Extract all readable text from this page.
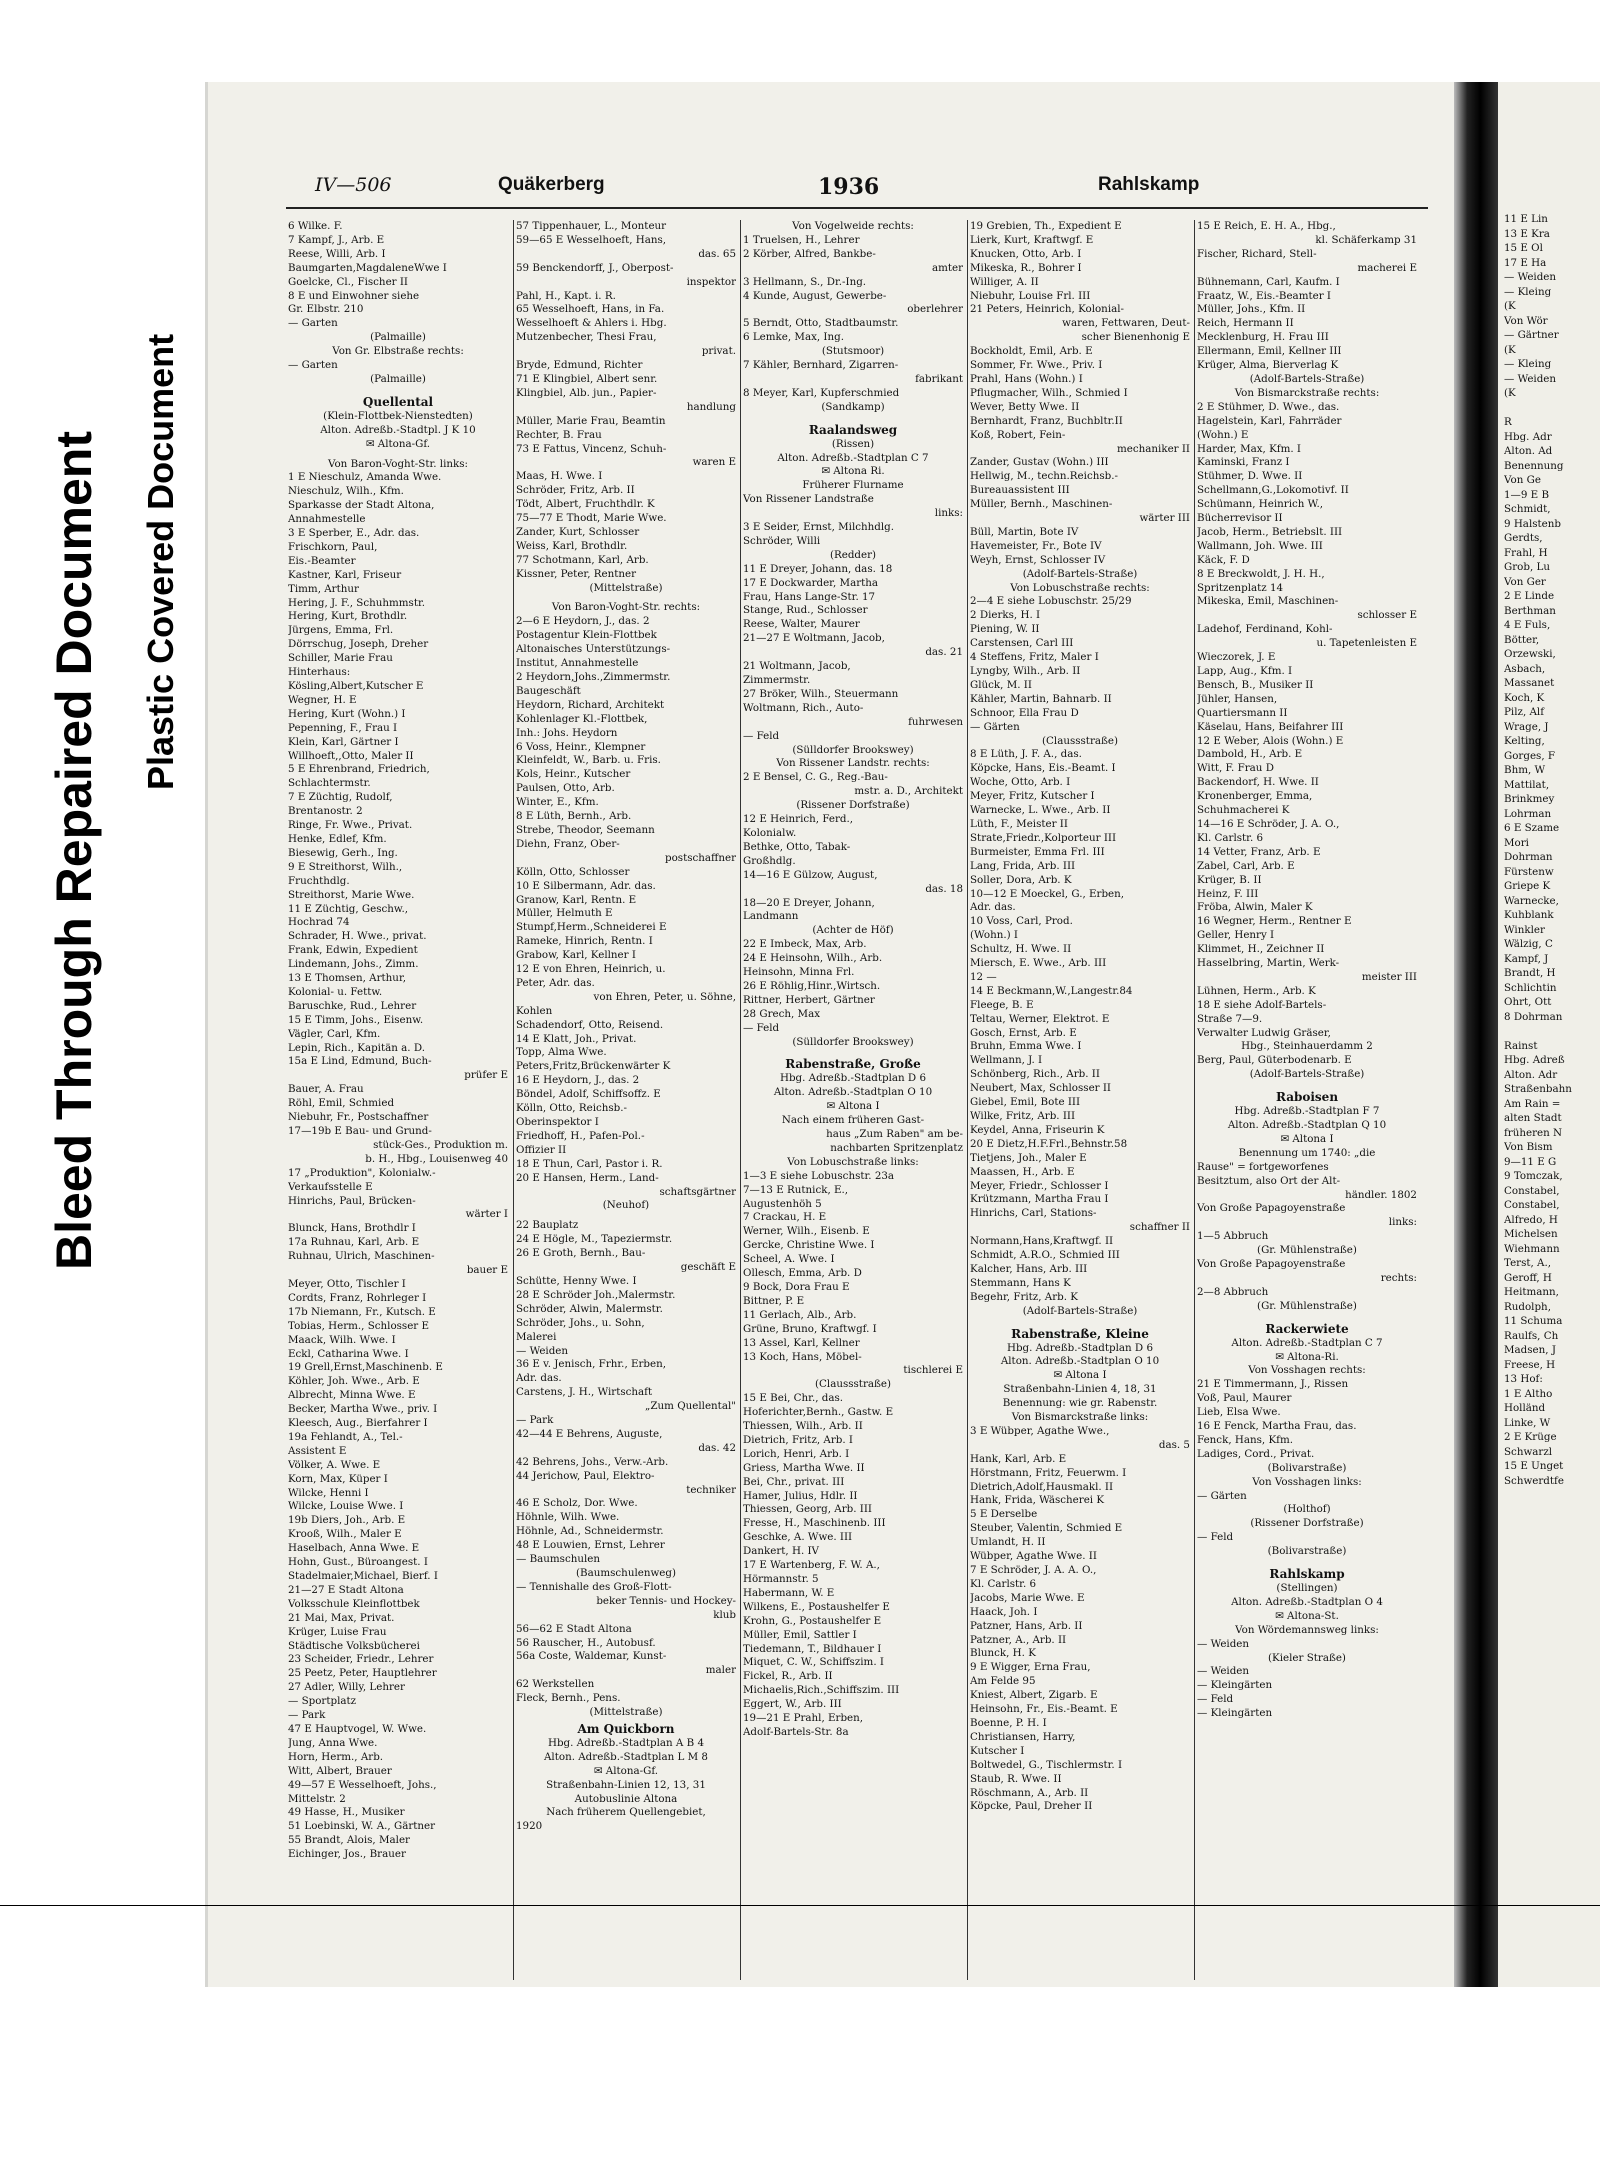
Bleed Through Repaired Document Plastic Covered Document
IV—506	Quäkerberg	1936	Rahlskamp
6 Wilke. F.
7 Kampf, J., Arb. E
Reese, Willi, Arb. I
Baumgarten,MagdaleneWwe I
Goelcke, Cl., Fischer II
8 E und Einwohner siehe
Gr. Elbstr. 210
— Garten
(Palmaille)
Von Gr. Elbstraße rechts:
— Garten
(Palmaille)
Quellental
(Klein-Flottbek-Nienstedten)
Alton. Adreßb.-Stadtpl. J K 10
✉ Altona-Gf.
Von Baron-Voght-Str. links:
1 E Nieschulz, Amanda Wwe.
Nieschulz, Wilh., Kfm.
Sparkasse der Stadt Altona,
Annahmestelle
3 E Sperber, E., Adr. das.
Frischkorn, Paul,
Eis.-Beamter
Kastner, Karl, Friseur
Timm, Arthur
Hering, J. F., Schuhmmstr.
Hering, Kurt, Brothdlr.
Jürgens, Emma, Frl.
Dörrschug, Joseph, Dreher
Schiller, Marie Frau
Hinterhaus:
Kösling,Albert,Kutscher E
Wegner, H. E
Hering, Kurt (Wohn.) I
Pepenning, F., Frau I
Klein, Karl, Gärtner I
Willhoeft,,Otto, Maler II
5 E Ehrenbrand, Friedrich,
Schlachtermstr.
7 E Züchtig, Rudolf,
Brentanostr. 2
Ringe, Fr. Wwe., Privat.
Henke, Edlef, Kfm.
Biesewig, Gerh., Ing.
9 E Streithorst, Wilh.,
Fruchthdlg.
Streithorst, Marie Wwe.
11 E Züchtig, Geschw.,
Hochrad 74
Schrader, H. Wwe., privat.
Frank, Edwin, Expedient
Lindemann, Johs., Zimm.
13 E Thomsen, Arthur,
Kolonial- u. Fettw.
Baruschke, Rud., Lehrer
15 E Timm, Johs., Eisenw.
Vägler, Carl, Kfm.
Lepin, Rich., Kapitän a. D.
15a E Lind, Edmund, Buch-
prüfer E
Bauer, A. Frau
Röhl, Emil, Schmied
Niebuhr, Fr., Postschaffner
17—19b E Bau- und Grund-
stück-Ges., Produktion m.
b. H., Hbg., Louisenweg 40
17 „Produktion", Kolonialw.-
Verkaufsstelle E
Hinrichs, Paul, Brücken-
wärter I
Blunck, Hans, Brothdlr I
17a Ruhnau, Karl, Arb. E
Ruhnau, Ulrich, Maschinen-
bauer E
Meyer, Otto, Tischler I
Cordts, Franz, Rohrleger I
17b Niemann, Fr., Kutsch. E
Tobias, Herm., Schlosser E
Maack, Wilh. Wwe. I
Eckl, Catharina Wwe. I
19 Grell,Ernst,Maschinenb. E
Köhler, Joh. Wwe., Arb. E
Albrecht, Minna Wwe. E
Becker, Martha Wwe., priv. I
Kleesch, Aug., Bierfahrer I
19a Fehlandt, A., Tel.-
Assistent E
Völker, A. Wwe. E
Korn, Max, Küper I
Wilcke, Henni I
Wilcke, Louise Wwe. I
19b Diers, Joh., Arb. E
Krooß, Wilh., Maler E
Haselbach, Anna Wwe. E
Hohn, Gust., Büroangest. I
Stadelmaier,Michael, Bierf. I
21—27 E Stadt Altona
Volksschule Kleinflottbek
21 Mai, Max, Privat.
Krüger, Luise Frau
Städtische Volksbücherei
23 Scheider, Friedr., Lehrer
25 Peetz, Peter, Hauptlehrer
27 Adler, Willy, Lehrer
— Sportplatz
— Park
47 E Hauptvogel, W. Wwe.
Jung, Anna Wwe.
Horn, Herm., Arb.
Witt, Albert, Brauer
49—57 E Wesselhoeft, Johs.,
Mittelstr. 2
49 Hasse, H., Musiker
51 Loebinski, W. A., Gärtner
55 Brandt, Alois, Maler
Eichinger, Jos., Brauer
57 Tippenhauer, L., Monteur
59—65 E Wesselhoeft, Hans,
das. 65
59 Benckendorff, J., Oberpost-
inspektor
Pahl, H., Kapt. i. R.
65 Wesselhoeft, Hans, in Fa.
Wesselhoeft & Ahlers i. Hbg.
Mutzenbecher, Thesi Frau,
privat.
Bryde, Edmund, Richter
71 E Klingbiel, Albert senr.
Klingbiel, Alb. jun., Papier-
handlung
Müller, Marie Frau, Beamtin
Rechter, B. Frau
73 E Fattus, Vincenz, Schuh-
waren E
Maas, H. Wwe. I
Schröder, Fritz, Arb. II
Tödt, Albert, Fruchthdlr. K
75—77 E Thodt, Marie Wwe.
Zander, Kurt, Schlosser
Weiss, Karl, Brothdlr.
77 Schotmann, Karl, Arb.
Kissner, Peter, Rentner
(Mittelstraße)
Von Baron-Voght-Str. rechts:
2—6 E Heydorn, J., das. 2
Postagentur Klein-Flottbek
Altonaisches Unterstützungs-
Institut, Annahmestelle
2 Heydorn,Johs.,Zimmermstr.
Baugeschäft
Heydorn, Richard, Architekt
Kohlenlager Kl.-Flottbek,
Inh.: Johs. Heydorn
6 Voss, Heinr., Klempner
Kleinfeldt, W., Barb. u. Fris.
Kols, Heinr., Kutscher
Paulsen, Otto, Arb.
Winter, E., Kfm.
8 E Lüth, Bernh., Arb.
Strebe, Theodor, Seemann
Diehn, Franz, Ober-
postschaffner
Kölln, Otto, Schlosser
10 E Silbermann, Adr. das.
Granow, Karl, Rentn. E
Müller, Helmuth E
Stumpf,Herm.,Schneiderei E
Rameke, Hinrich, Rentn. I
Grabow, Karl, Kellner I
12 E von Ehren, Heinrich, u.
Peter, Adr. das.
von Ehren, Peter, u. Söhne,
Kohlen
Schadendorf, Otto, Reisend.
14 E Klatt, Joh., Privat.
Topp, Alma Wwe.
Peters,Fritz,Brückenwärter K
16 E Heydorn, J., das. 2
Böndel, Adolf, Schiffsoffz. E
Kölln, Otto, Reichsb.-
Oberinspektor I
Friedhoff, H., Pafen-Pol.-
Offizier II
18 E Thun, Carl, Pastor i. R.
20 E Hansen, Herm., Land-
schaftsgärtner
(Neuhof)
22 Bauplatz
24 E Högle, M., Tapeziermstr.
26 E Groth, Bernh., Bau-
geschäft E
Schütte, Henny Wwe. I
28 E Schröder Joh.,Malermstr.
Schröder, Alwin, Malermstr.
Schröder, Johs., u. Sohn,
Malerei
— Weiden
36 E v. Jenisch, Frhr., Erben,
Adr. das.
Carstens, J. H., Wirtschaft
„Zum Quellental"
— Park
42—44 E Behrens, Auguste,
das. 42
42 Behrens, Johs., Verw.-Arb.
44 Jerichow, Paul, Elektro-
techniker
46 E Scholz, Dor. Wwe.
Höhnle, Wilh. Wwe.
Höhnle, Ad., Schneidermstr.
48 E Louwien, Ernst, Lehrer
— Baumschulen
(Baumschulenweg)
— Tennishalle des Groß-Flott-
beker Tennis- und Hockey-
klub
56—62 E Stadt Altona
56 Rauscher, H., Autobusf.
56a Coste, Waldemar, Kunst-
maler
62 Werkstellen
Fleck, Bernh., Pens.
(Mittelstraße)
Am Quickborn
Hbg. Adreßb.-Stadtplan A B 4
Alton. Adreßb.-Stadtplan L M 8
✉ Altona-Gf.
Straßenbahn-Linien 12, 13, 31
Autobuslinie Altona
Nach früherem Quellengebiet,
1920
Von Vogelweide rechts:
1 Truelsen, H., Lehrer
2 Körber, Alfred, Bankbe-
amter
3 Hellmann, S., Dr.-Ing.
4 Kunde, August, Gewerbe-
oberlehrer
5 Berndt, Otto, Stadtbaumstr.
6 Lemke, Max, Ing.
(Stutsmoor)
7 Kähler, Bernhard, Zigarren-
fabrikant
8 Meyer, Karl, Kupferschmied
(Sandkamp)
Raalandsweg
(Rissen)
Alton. Adreßb.-Stadtplan C 7
✉ Altona Ri.
Früherer Flurname
Von Rissener Landstraße
links:
3 E Seider, Ernst, Milchhdlg.
Schröder, Willi
(Redder)
11 E Dreyer, Johann, das. 18
17 E Dockwarder, Martha
Frau, Hans Lange-Str. 17
Stange, Rud., Schlosser
Reese, Walter, Maurer
21—27 E Woltmann, Jacob,
das. 21
21 Woltmann, Jacob,
Zimmermstr.
27 Bröker, Wilh., Steuermann
Woltmann, Rich., Auto-
fuhrwesen
— Feld
(Sülldorfer Brookswey)
Von Rissener Landstr. rechts:
2 E Bensel, C. G., Reg.-Bau-
mstr. a. D., Architekt
(Rissener Dorfstraße)
12 E Heinrich, Ferd.,
Kolonialw.
Bethke, Otto, Tabak-
Großhdlg.
14—16 E Gülzow, August,
das. 18
18—20 E Dreyer, Johann,
Landmann
(Achter de Höf)
22 E Imbeck, Max, Arb.
24 E Heinsohn, Wilh., Arb.
Heinsohn, Minna Frl.
26 E Röhlig,Hinr.,Wirtsch.
Rittner, Herbert, Gärtner
28 Grech, Max
— Feld
(Sülldorfer Brookswey)
Rabenstraße, Große
Hbg. Adreßb.-Stadtplan D 6
Alton. Adreßb.-Stadtplan O 10
✉ Altona I
Nach einem früheren Gast-
haus „Zum Raben" am be-
nachbarten Spritzenplatz
Von Lobuschstraße links:
1—3 E siehe Lobuschstr. 23a
7—13 E Rutnick, E.,
Augustenhöh 5
7 Crackau, H. E
Werner, Wilh., Eisenb. E
Gercke, Christine Wwe. I
Scheel, A. Wwe. I
Ollesch, Emma, Arb. D
9 Bock, Dora Frau E
Bittner, P. E
11 Gerlach, Alb., Arb.
Grüne, Bruno, Kraftwgf. I
13 Assel, Karl, Kellner
13 Koch, Hans, Möbel-
tischlerei E
(Claussstraße)
15 E Bei, Chr., das.
Hoferichter,Bernh., Gastw. E
Thiessen, Wilh., Arb. II
Dietrich, Fritz, Arb. I
Lorich, Henri, Arb. I
Griess, Martha Wwe. II
Bei, Chr., privat. III
Hamer, Julius, Hdlr. II
Thiessen, Georg, Arb. III
Fresse, H., Maschinenb. III
Geschke, A. Wwe. III
Dankert, H. IV
17 E Wartenberg, F. W. A.,
Hörmannstr. 5
Habermann, W. E
Wilkens, E., Postaushelfer E
Krohn, G., Postaushelfer E
Müller, Emil, Sattler I
Tiedemann, T., Bildhauer I
Miquet, C. W., Schiffszim. I
Fickel, R., Arb. II
Michaelis,Rich.,Schiffszim. III
Eggert, W., Arb. III
19—21 E Prahl, Erben,
Adolf-Bartels-Str. 8a
19 Grebien, Th., Expedient E
Lierk, Kurt, Kraftwgf. E
Knucken, Otto, Arb. I
Mikeska, R., Bohrer I
Williger, A. II
Niebuhr, Louise Frl. III
21 Peters, Heinrich, Kolonial-
waren, Fettwaren, Deut-
scher Bienenhonig E
Bockholdt, Emil, Arb. E
Sommer, Fr. Wwe., Priv. I
Prahl, Hans (Wohn.) I
Pflugmacher, Wilh., Schmied I
Wever, Betty Wwe. II
Bernhardt, Franz, Buchbltr.II
Koß, Robert, Fein-
mechaniker II
Zander, Gustav (Wohn.) III
Hellwig, M., techn.Reichsb.-
Bureauassistent III
Müller, Bernh., Maschinen-
wärter III
Büll, Martin, Bote IV
Havemeister, Fr., Bote IV
Weyh, Ernst, Schlosser IV
(Adolf-Bartels-Straße)
Von Lobuschstraße rechts:
2—4 E siehe Lobuschstr. 25/29
2 Dierks, H. I
Piening, W. II
Carstensen, Carl III
4 Steffens, Fritz, Maler I
Lyngby, Wilh., Arb. II
Glück, M. II
Kähler, Martin, Bahnarb. II
Schnoor, Ella Frau D
— Gärten
(Claussstraße)
8 E Lüth, J. F. A., das.
Köpcke, Hans, Eis.-Beamt. I
Woche, Otto, Arb. I
Meyer, Fritz, Kutscher I
Warnecke, L. Wwe., Arb. II
Lüth, F., Meister II
Strate,Friedr.,Kolporteur III
Burmeister, Emma Frl. III
Lang, Frida, Arb. III
Soller, Dora, Arb. K
10—12 E Moeckel, G., Erben,
Adr. das.
10 Voss, Carl, Prod.
(Wohn.) I
Schultz, H. Wwe. II
Miersch, E. Wwe., Arb. III
12 —
14 E Beckmann,W.,Langestr.84
Fleege, B. E
Teltau, Werner, Elektrot. E
Gosch, Ernst, Arb. E
Bruhn, Emma Wwe. I
Wellmann, J. I
Schönberg, Rich., Arb. II
Neubert, Max, Schlosser II
Giebel, Emil, Bote III
Wilke, Fritz, Arb. III
Keydel, Anna, Friseurin K
20 E Dietz,H.F.Frl.,Behnstr.58
Tietjens, Joh., Maler E
Maassen, H., Arb. E
Meyer, Friedr., Schlosser I
Krützmann, Martha Frau I
Hinrichs, Carl, Stations-
schaffner II
Normann,Hans,Kraftwgf. II
Schmidt, A.R.O., Schmied III
Kalcher, Hans, Arb. III
Stemmann, Hans K
Begehr, Fritz, Arb. K
(Adolf-Bartels-Straße)
Rabenstraße, Kleine
Hbg. Adreßb.-Stadtplan D 6
Alton. Adreßb.-Stadtplan O 10
✉ Altona I
Straßenbahn-Linien 4, 18, 31
Benennung: wie gr. Rabenstr.
Von Bismarckstraße links:
3 E Wübper, Agathe Wwe.,
das. 5
Hank, Karl, Arb. E
Hörstmann, Fritz, Feuerwm. I
Dietrich,Adolf,Hausmakl. II
Hank, Frida, Wäscherei K
5 E Derselbe
Steuber, Valentin, Schmied E
Umlandt, H. II
Wübper, Agathe Wwe. II
7 E Schröder, J. A. A. O.,
Kl. Carlstr. 6
Jacobs, Marie Wwe. E
Haack, Joh. I
Patzner, Hans, Arb. II
Patzner, A., Arb. II
Blunck, H. K
9 E Wigger, Erna Frau,
Am Felde 95
Kniest, Albert, Zigarb. E
Heinsohn, Fr., Eis.-Beamt. E
Boenne, P. H. I
Christiansen, Harry,
Kutscher I
Boltwedel, G., Tischlermstr. I
Staub, R. Wwe. II
Röschmann, A., Arb. II
Köpcke, Paul, Dreher II
15 E Reich, E. H. A., Hbg.,
kl. Schäferkamp 31
Fischer, Richard, Stell-
macherei E
Bühnemann, Carl, Kaufm. I
Fraatz, W., Eis.-Beamter I
Müller, Johs., Kfm. II
Reich, Hermann II
Mecklenburg, H. Frau III
Ellermann, Emil, Kellner III
Krüger, Alma, Bierverlag K
(Adolf-Bartels-Straße)
Von Bismarckstraße rechts:
2 E Stühmer, D. Wwe., das.
Hagelstein, Karl, Fahrräder
(Wohn.) E
Harder, Max, Kfm. I
Kaminski, Franz I
Stühmer, D. Wwe. II
Schellmann,G.,Lokomotivf. II
Schümann, Heinrich W.,
Bücherrevisor II
Jacob, Herm., Betriebslt. III
Wallmann, Joh. Wwe. III
Käck, F. D
8 E Breckwoldt, J. H. H.,
Spritzenplatz 14
Mikeska, Emil, Maschinen-
schlosser E
Ladehof, Ferdinand, Kohl-
u. Tapetenleisten E
Wieczorek, J. E
Lapp, Aug., Kfm. I
Bensch, B., Musiker II
Jühler, Hansen,
Quartiersmann II
Käselau, Hans, Beifahrer III
12 E Weber, Alois (Wohn.) E
Dambold, H., Arb. E
Witt, F. Frau D
Backendorf, H. Wwe. II
Kronenberger, Emma,
Schuhmacherei K
14—16 E Schröder, J. A. O.,
Kl. Carlstr. 6
14 Vetter, Franz, Arb. E
Zabel, Carl, Arb. E
Krüger, B. II
Heinz, F. III
Fröba, Alwin, Maler K
16 Wegner, Herm., Rentner E
Geller, Henry I
Klimmet, H., Zeichner II
Hasselbring, Martin, Werk-
meister III
Lühnen, Herm., Arb. K
18 E siehe Adolf-Bartels-
Straße 7—9.
Verwalter Ludwig Gräser,
Hbg., Steinhauerdamm 2
Berg, Paul, Güterbodenarb. E
(Adolf-Bartels-Straße)
Raboisen
Hbg. Adreßb.-Stadtplan F 7
Alton. Adreßb.-Stadtplan Q 10
✉ Altona I
Benennung um 1740: „die
Rause" = fortgeworfenes
Besitztum, also Ort der Alt-
händler. 1802
Von Große Papagoyenstraße
links:
1—5 Abbruch
(Gr. Mühlenstraße)
Von Große Papagoyenstraße
rechts:
2—8 Abbruch
(Gr. Mühlenstraße)
Rackerwiete
Alton. Adreßb.-Stadtplan C 7
✉ Altona-Ri.
Von Vosshagen rechts:
21 E Timmermann, J., Rissen
Voß, Paul, Maurer
Lieb, Elsa Wwe.
16 E Fenck, Martha Frau, das.
Fenck, Hans, Kfm.
Ladiges, Cord., Privat.
(Bolivarstraße)
Von Vosshagen links:
— Gärten
(Holthof)
(Rissener Dorfstraße)
— Feld
(Bolivarstraße)
Rahlskamp
(Stellingen)
Alton. Adreßb.-Stadtplan O 4
✉ Altona-St.
Von Wördemannsweg links:
— Weiden
(Kieler Straße)
— Weiden
— Kleingärten
— Feld
— Kleingärten
11 E Lin
13 E Kra
15 E Ol
17 E Ha
— Weiden
— Kleing
(K
Von Wör
— Gärtner
(K
— Kleing
— Weiden
(K

R
Hbg. Adr
Alton. Ad
Benennung
Von Ge
1—9 E B
Schmidt,
9 Halstenb
Gerdts,
Frahl, H
Grob, Lu
Von Ger
2 E Linde
Berthman
4 E Fuls,
Bötter,
Orzewski,
Asbach,
Massanet
Koch, K
Pilz, Alf
Wrage, J
Kelting,
Gorges, F
Bhm, W
Mattilat,
Brinkmey
Lohrman
6 E Szame
Mori
Dohrman
Fürstenw
Griepe K
Warnecke,
Kuhblank
Winkler
Wälzig, C
Kampf, J
Brandt, H
Schlichtin
Ohrt, Ott
8 Dohrman

Rainst
Hbg. Adreß
Alton. Adr
Straßenbahn
Am Rain =
alten Stadt
früheren N
Von Bism
9—11 E G
9 Tomczak,
Constabel,
Constabel,
Alfredo, H
Michelsen
Wiehmann
Terst, A.,
Geroff, H
Heitmann,
Rudolph,
11 Schuma
Raulfs, Ch
Madsen, J
Freese, H
13 Hof:
1 E Altho
Holländ
Linke, W
2 E Krüge
Schwarzl
15 E Unget
Schwerdtfe
